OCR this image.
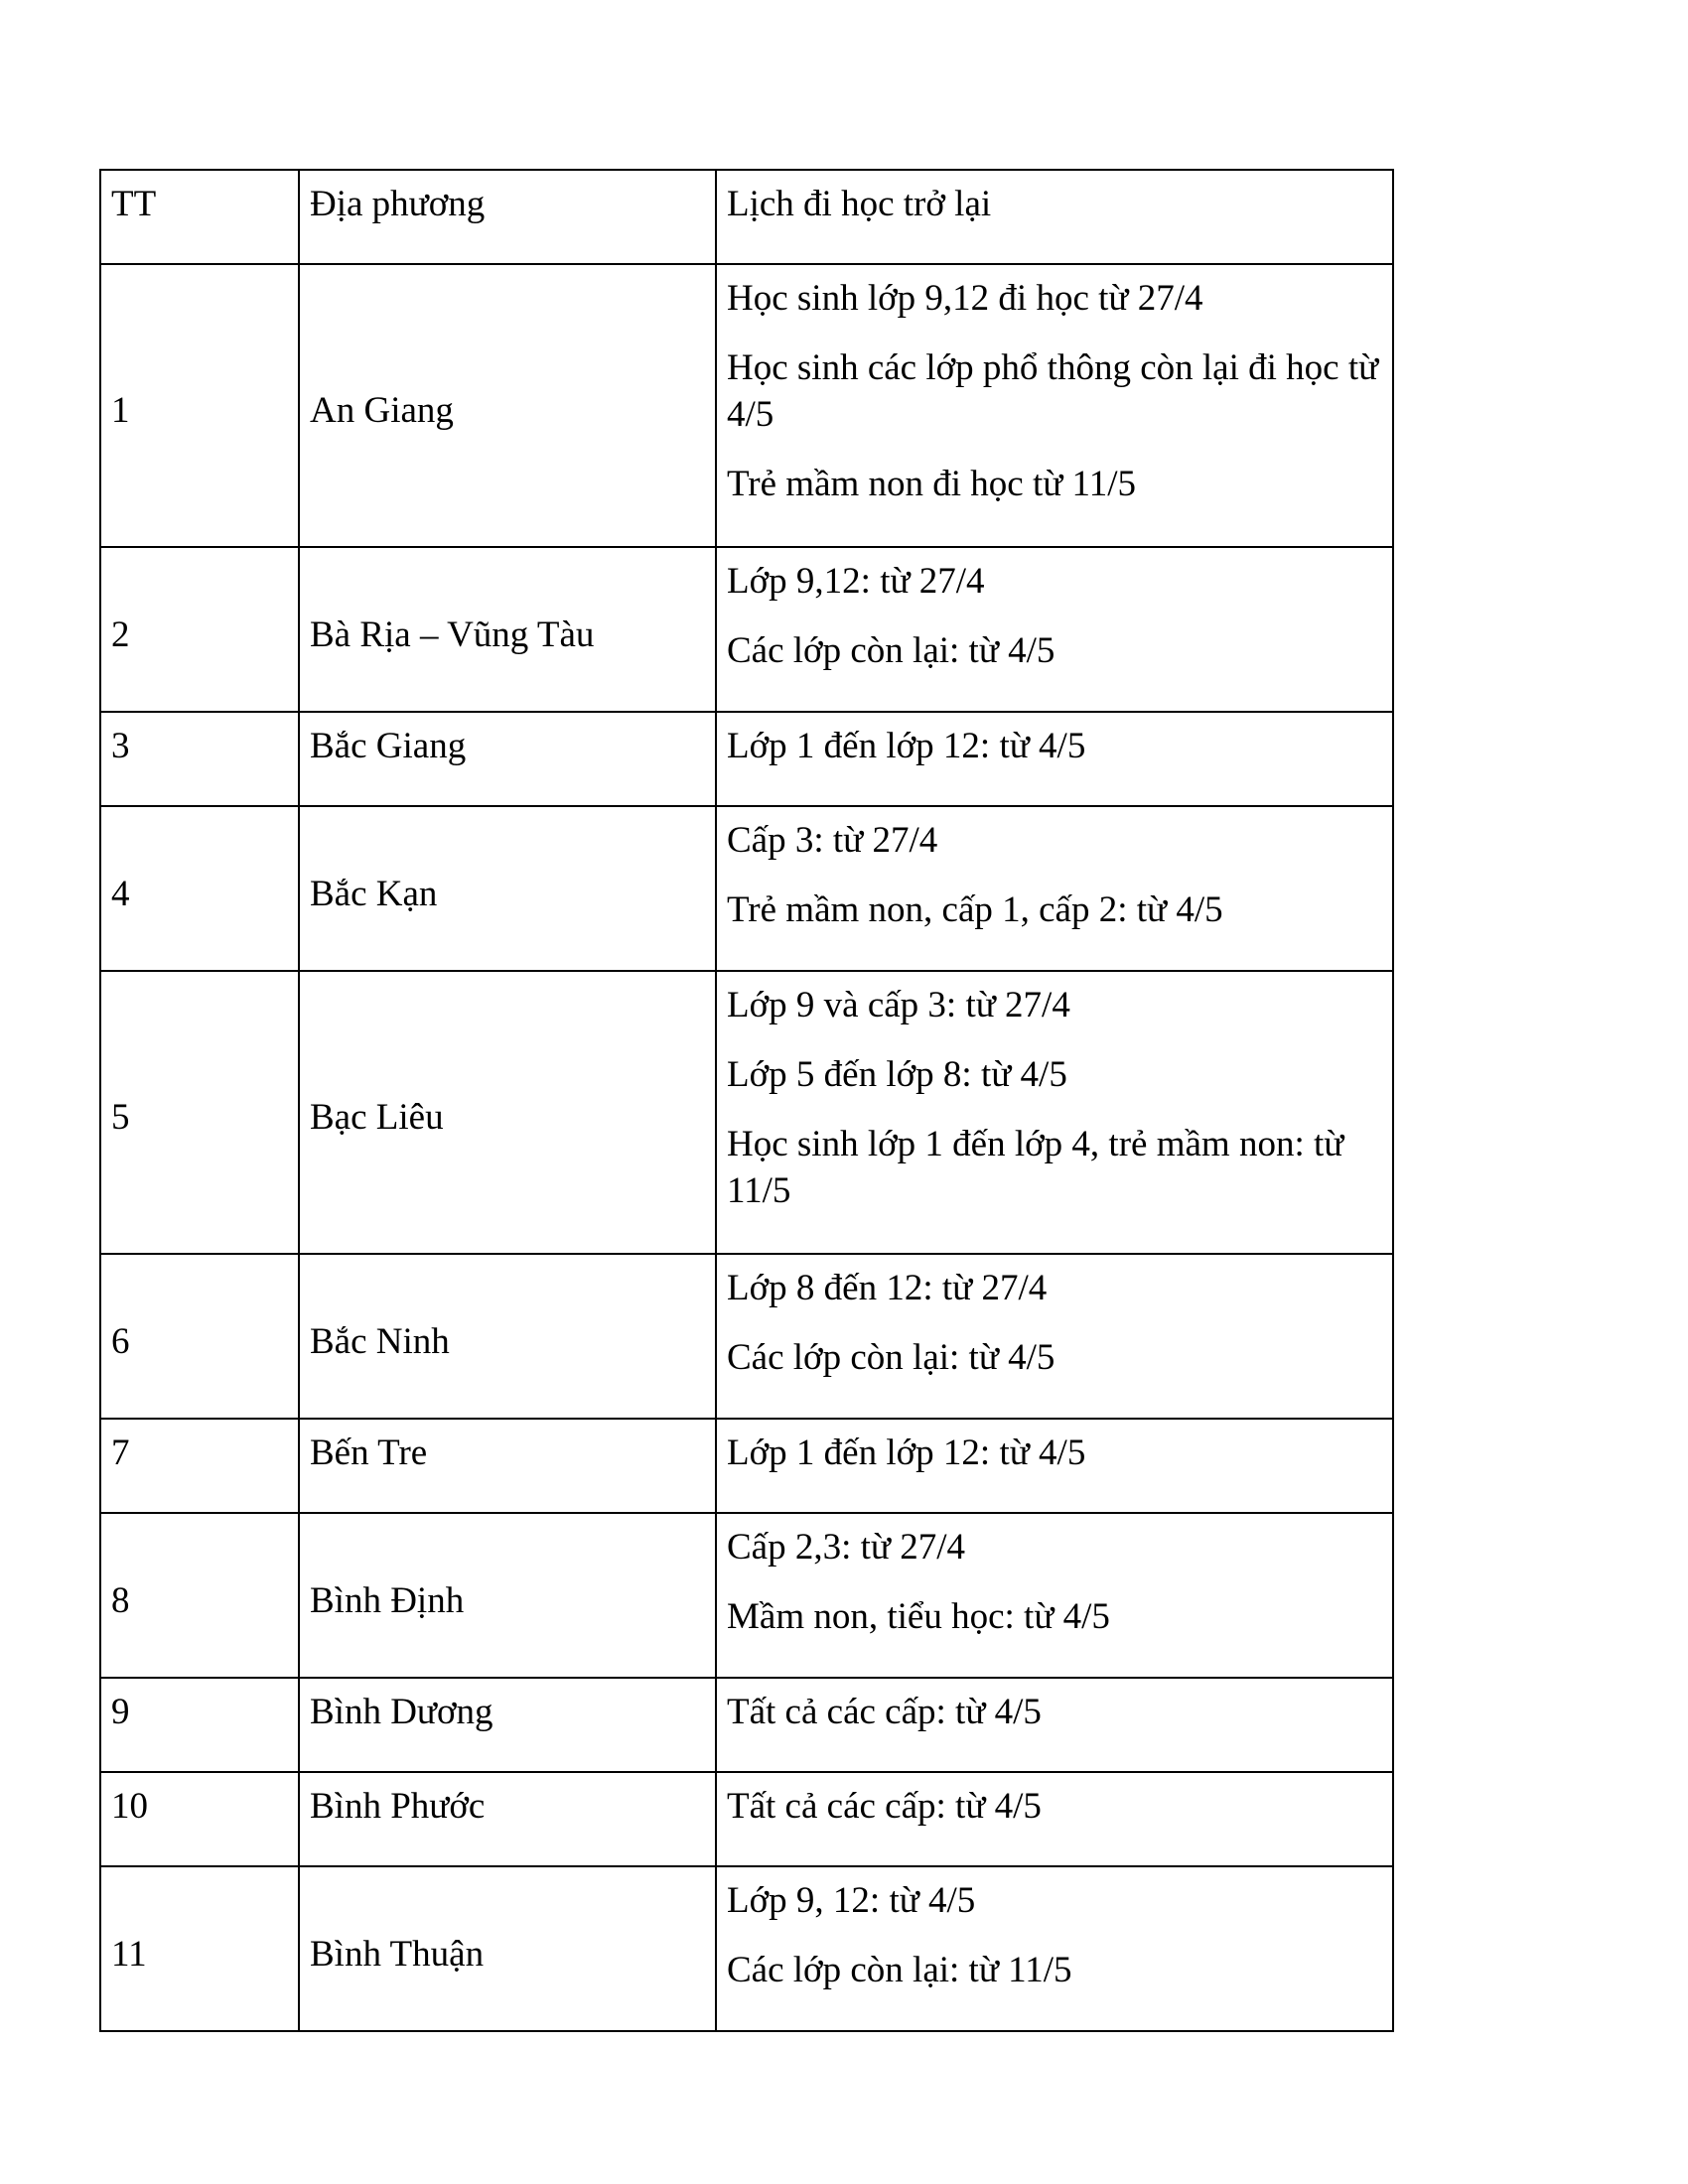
TT	Địa phương	Lịch đi học trở lại
1	An Giang	Học sinh lớp 9,12 đi học từ 27/4
Học sinh các lớp phổ thông còn lại đi học từ 4/5
Trẻ mầm non đi học từ 11/5

2	Bà Rịa – Vũng Tàu	Lớp 9,12: từ 27/4
Các lớp còn lại: từ 4/5

3	Bắc Giang	Lớp 1 đến lớp 12: từ 4/5

4	Bắc Kạn	Cấp 3: từ 27/4
Trẻ mầm non, cấp 1, cấp 2: từ 4/5

5	Bạc Liêu	Lớp 9 và cấp 3: từ 27/4
Lớp 5 đến lớp 8: từ 4/5
Học sinh lớp 1 đến lớp 4, trẻ mầm non: từ 11/5

6	Bắc Ninh	Lớp 8 đến 12: từ 27/4
Các lớp còn lại: từ 4/5

7	Bến Tre	Lớp 1 đến lớp 12: từ 4/5

8	Bình Định	Cấp 2,3: từ 27/4
Mầm non, tiểu học: từ 4/5

9	Bình Dương	Tất cả các cấp: từ 4/5

10	Bình Phước	Tất cả các cấp: từ 4/5

11	Bình Thuận	Lớp 9, 12: từ 4/5
Các lớp còn lại: từ 11/5
